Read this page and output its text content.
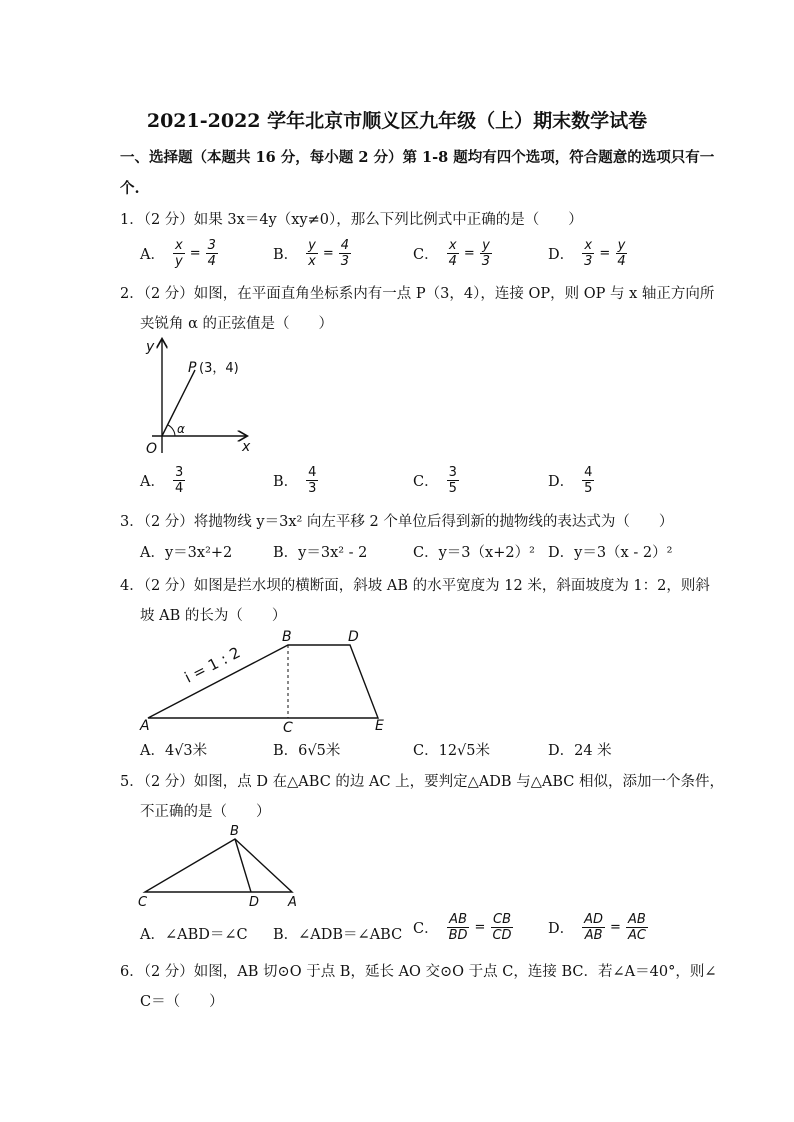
2021-2022 学年北京市顺义区九年级（上）期末数学试卷
一、选择题（本题共 16 分，每小题 2 分）第 1-8 题均有四个选项，符合题意的选项只有一
个.
1．（2 分）如果 3x＝4y（xy≠0），那么下列比例式中正确的是（　　）
A． $\frac{x}{y} = \frac{3}{4}$	B． $\frac{y}{x} = \frac{4}{3}$	C． $\frac{x}{4} = \frac{y}{3}$	D． $\frac{x}{3} = \frac{y}{4}$
2．（2 分）如图，在平面直角坐标系内有一点 P（3，4），连接 OP，则 OP 与 x 轴正方向所
夹锐角 α 的正弦值是（　　）
y
x
O
P (3，4)
α
A． $\frac{3}{4}$	B． $\frac{4}{3}$	C． $\frac{3}{5}$	D． $\frac{4}{5}$
3．（2 分）将抛物线 y＝3x² 向左平移 2 个单位后得到新的抛物线的表达式为（　　）
A．y＝3x²+2	B．y＝3x² - 2	C．y＝3（x+2）² D．y＝3（x - 2）²
4．（2 分）如图是拦水坝的横断面，斜坡 AB 的水平宽度为 12 米，斜面坡度为 1：2，则斜
坡 AB 的长为（　　）
A
B
C
D
E
i = 1 : 2
A．4√3米	B．6√5米	C．12√5米	D．24 米
5．（2 分）如图，点 D 在△ABC 的边 AC 上，要判定△ADB 与△ABC 相似，添加一个条件，
不正确的是（　　）
B
C	D A
A．∠ABD＝∠C B．∠ADB＝∠ABC C． $\frac{AB}{BD} = \frac{CB}{CD}$ D． $\frac{AD}{AB} = \frac{AB}{AC}$
6．（2 分）如图，AB 切⊙O 于点 B，延长 AO 交⊙O 于点 C，连接 BC．若∠A＝40°，则∠
C＝（　　）
